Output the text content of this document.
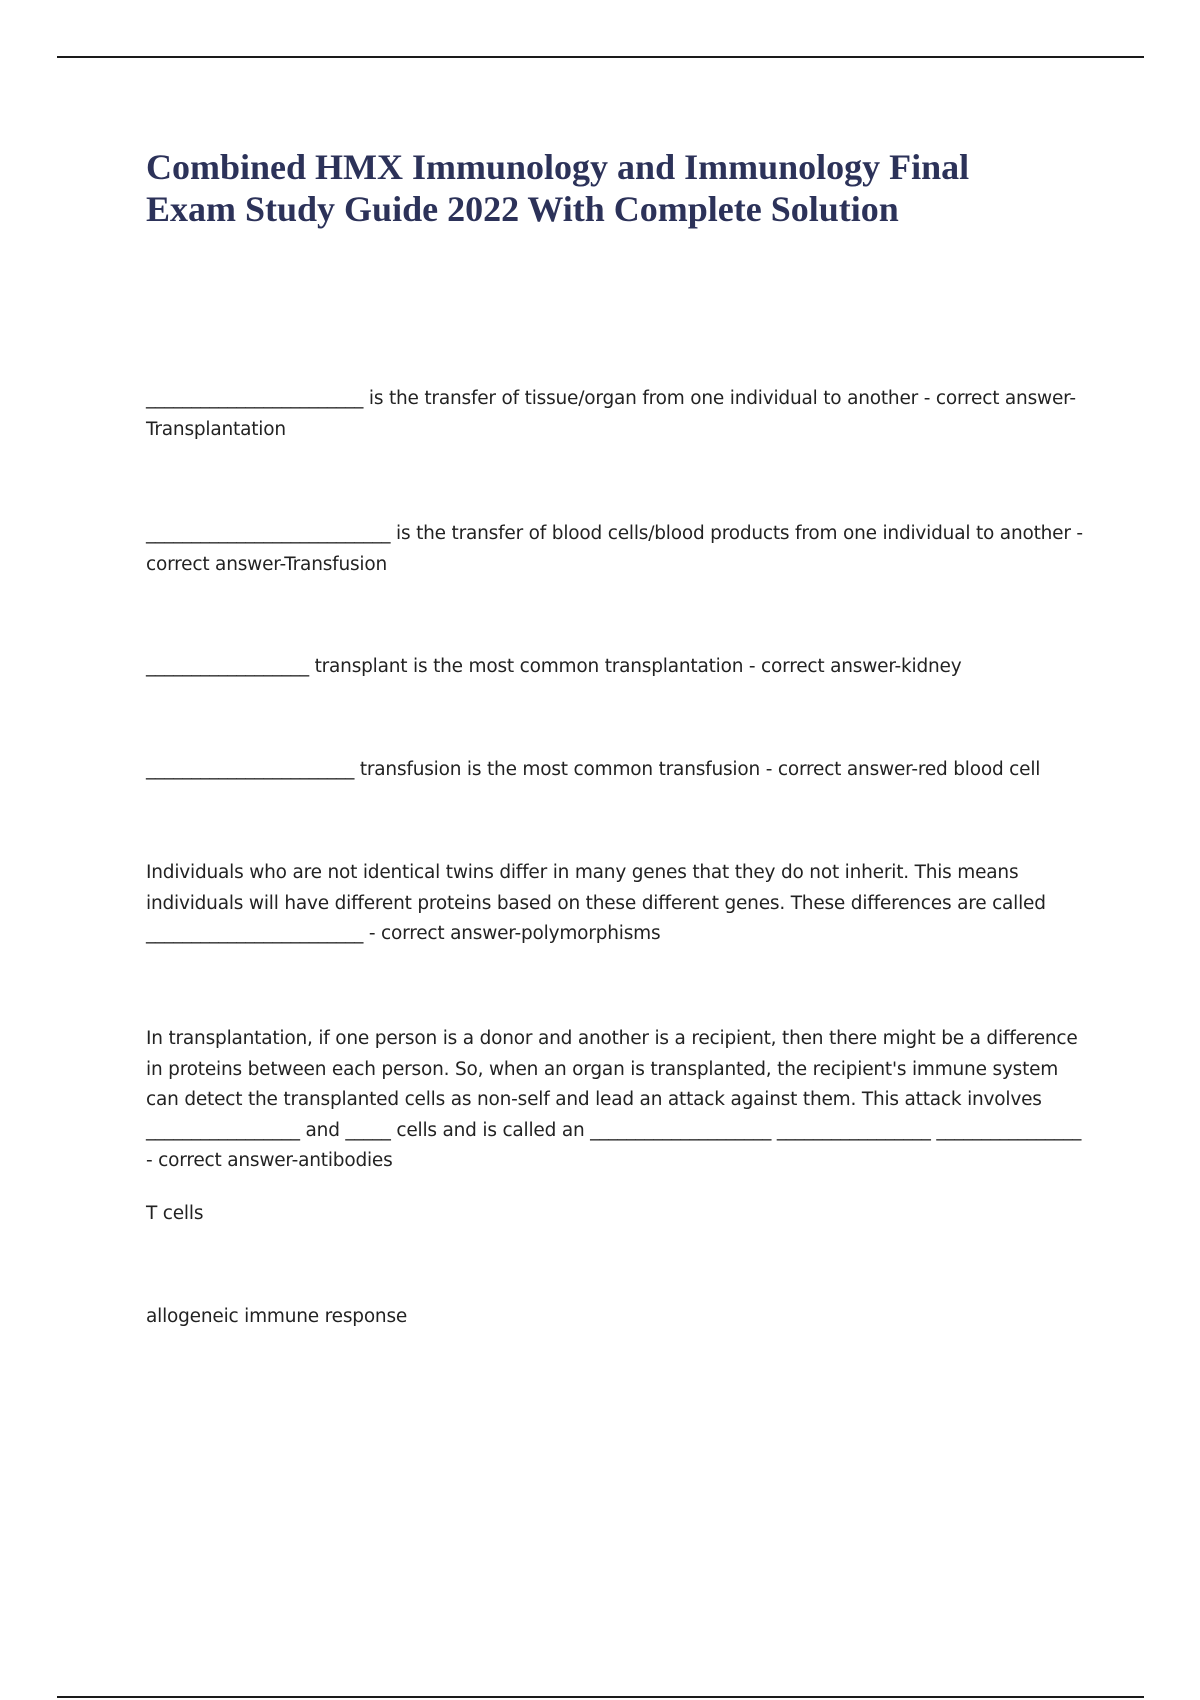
Combined HMX Immunology and Immunology Final Exam Study Guide 2022 With Complete Solution

________________________ is the transfer of tissue/organ from one individual to another - correct answer-Transplantation

___________________________ is the transfer of blood cells/blood products from one individual to another - correct answer-Transfusion

__________________ transplant is the most common transplantation - correct answer-kidney

_______________________ transfusion is the most common transfusion - correct answer-red blood cell

Individuals who are not identical twins differ in many genes that they do not inherit. This means individuals will have different proteins based on these different genes. These differences are called ________________________ - correct answer-polymorphisms

In transplantation, if one person is a donor and another is a recipient, then there might be a difference in proteins between each person. So, when an organ is transplanted, the recipient's immune system can detect the transplanted cells as non-self and lead an attack against them. This attack involves _________________ and _____ cells and is called an ____________________ _________________ ________________ - correct answer-antibodies

T cells

allogeneic immune response
